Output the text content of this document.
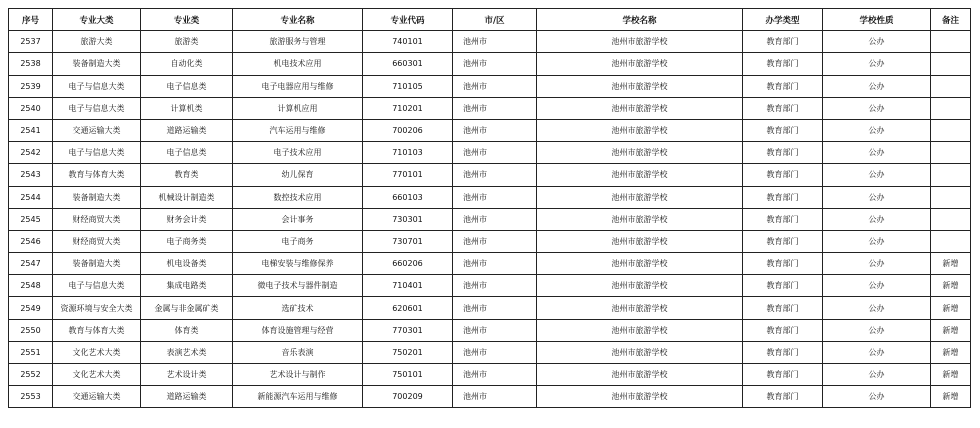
序号	专业大类	专业类	专业名称	专业代码	市/区	学校名称	办学类型	学校性质	备注
2537	旅游大类	旅游类	旅游服务与管理	740101	池州市	池州市旅游学校	教育部门	公办	
2538	装备制造大类	自动化类	机电技术应用	660301	池州市	池州市旅游学校	教育部门	公办	
2539	电子与信息大类	电子信息类	电子电器应用与维修	710105	池州市	池州市旅游学校	教育部门	公办	
2540	电子与信息大类	计算机类	计算机应用	710201	池州市	池州市旅游学校	教育部门	公办	
2541	交通运输大类	道路运输类	汽车运用与维修	700206	池州市	池州市旅游学校	教育部门	公办	
2542	电子与信息大类	电子信息类	电子技术应用	710103	池州市	池州市旅游学校	教育部门	公办	
2543	教育与体育大类	教育类	幼儿保育	770101	池州市	池州市旅游学校	教育部门	公办	
2544	装备制造大类	机械设计制造类	数控技术应用	660103	池州市	池州市旅游学校	教育部门	公办	
2545	财经商贸大类	财务会计类	会计事务	730301	池州市	池州市旅游学校	教育部门	公办	
2546	财经商贸大类	电子商务类	电子商务	730701	池州市	池州市旅游学校	教育部门	公办	
2547	装备制造大类	机电设备类	电梯安装与维修保养	660206	池州市	池州市旅游学校	教育部门	公办	新增
2548	电子与信息大类	集成电路类	微电子技术与器件制造	710401	池州市	池州市旅游学校	教育部门	公办	新增
2549	资源环境与安全大类	金属与非金属矿类	选矿技术	620601	池州市	池州市旅游学校	教育部门	公办	新增
2550	教育与体育大类	体育类	体育设施管理与经营	770301	池州市	池州市旅游学校	教育部门	公办	新增
2551	文化艺术大类	表演艺术类	音乐表演	750201	池州市	池州市旅游学校	教育部门	公办	新增
2552	文化艺术大类	艺术设计类	艺术设计与制作	750101	池州市	池州市旅游学校	教育部门	公办	新增
2553	交通运输大类	道路运输类	新能源汽车运用与维修	700209	池州市	池州市旅游学校	教育部门	公办	新增
